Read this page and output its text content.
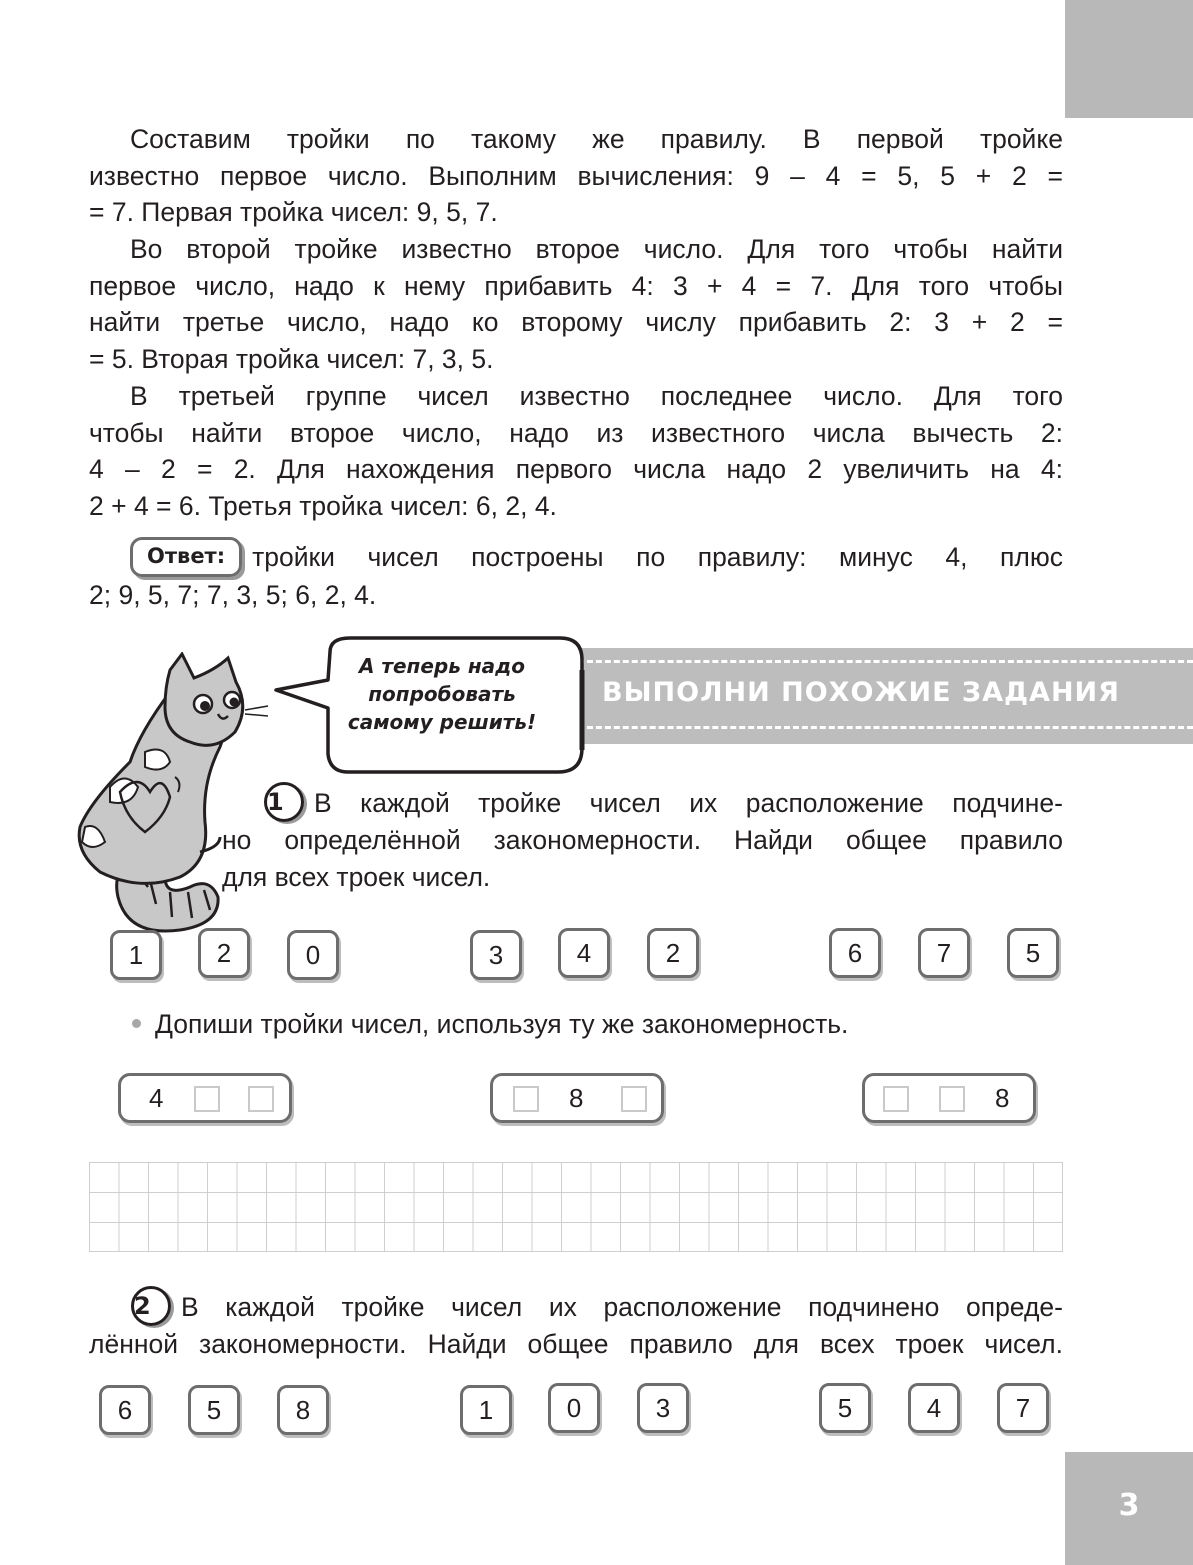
3
Составим тройки по такому же правилу. В первой тройке
известно первое число. Выполним вычисления: 9 – 4 = 5, 5 + 2 =
= 7. Первая тройка чисел: 9, 5, 7.
Во второй тройке известно второе число. Для того чтобы найти
первое число, надо к нему прибавить 4: 3 + 4 = 7. Для того чтобы
найти третье число, надо ко второму числу прибавить 2: 3 + 2 =
= 5. Вторая тройка чисел: 7, 3, 5.
В третьей группе чисел известно последнее число. Для того
чтобы найти второе число, надо из известного числа вычесть 2:
4 – 2 = 2. Для нахождения первого числа надо 2 увеличить на 4:
2 + 4 = 6. Третья тройка чисел: 6, 2, 4.
Ответ: тройки чисел построены по правилу: минус 4, плюс
2; 9, 5, 7; 7, 3, 5; 6, 2, 4.
ВЫПОЛНИ ПОХОЖИЕ ЗАДАНИЯ
А теперь надо
попробовать
самому решить!
1 В каждой тройке чисел их расположение подчине-
но определённой закономерности. Найди общее правило
для всех троек чисел.
1	2	0	3	4	2	6	7	5
Допиши тройки чисел, используя ту же закономерность.
4	8	8
2 В каждой тройке чисел их расположение подчинено опреде-
лённой закономерности. Найди общее правило для всех троек чисел.
6	5	8	1	0	3	5	4	7
